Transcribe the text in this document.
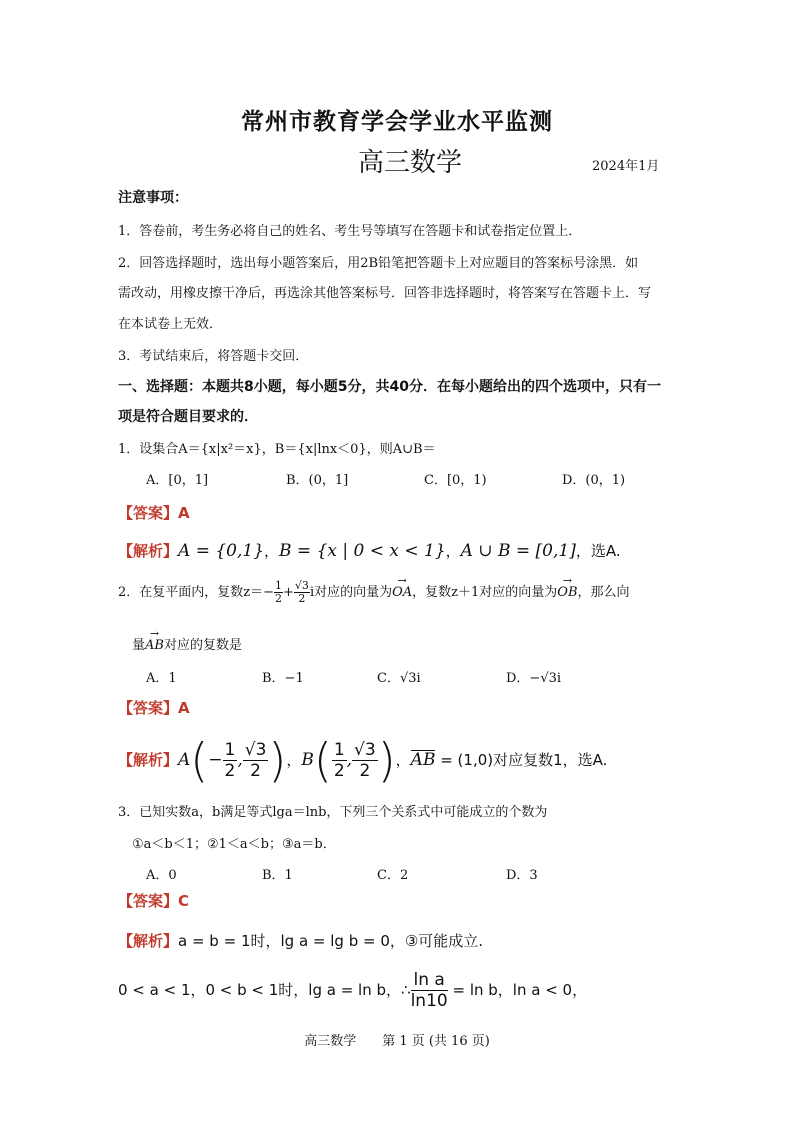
常州市教育学会学业水平监测
高三数学	2024年1月
注意事项：
1．答卷前，考生务必将自己的姓名、考生号等填写在答题卡和试卷指定位置上．
2．回答选择题时，选出每小题答案后，用2B铅笔把答题卡上对应题目的答案标号涂黑．如
需改动，用橡皮擦干净后，再选涂其他答案标号．回答非选择题时，将答案写在答题卡上．写
在本试卷上无效．
3．考试结束后，将答题卡交回．
一、选择题：本题共8小题，每小题5分，共40分．在每小题给出的四个选项中，只有一
项是符合题目要求的．
1．设集合A＝{x|x²＝x}，B＝{x|lnx＜0}，则A∪B＝
A．[0，1]	B．(0，1]	C．[0，1)	D．(0，1)
【答案】A
【解析】A = {0,1}，B = {x | 0 < x < 1}，A ∪ B = [0,1]，选A.
2．在复平面内，复数$z=- \frac{1}{2} + \frac{√3}{2}$ i对应的向量为→ OA，复数z＋1对应的向量为→ OB，那么向
量→ AB对应的复数是
A．1	B．−1	C．√3i	D．−√3i
【答案】A
【解析】$A(- \frac{1}{2}$ , $\frac{√3}{2}$ )，$B( \frac{1}{2}$ , $\frac{√3}{2}$ )，AB = (1,0)对应复数1，选A.
3．已知实数a，b满足等式lga＝lnb，下列三个关系式中可能成立的个数为
①a＜b＜1；②1＜a＜b；③a＝b．
A．0	B．1	C．2	D．3
【答案】C
【解析】a = b = 1时，lg a = lg b = 0，③可能成立.
0 < a < 1，0 < b < 1时，lg a = ln b，∴ $\frac{\text{ln a}}{\ln 10} = \ln b$，ln a < 0，
高三数学　　第 1 页 (共 16 页)
